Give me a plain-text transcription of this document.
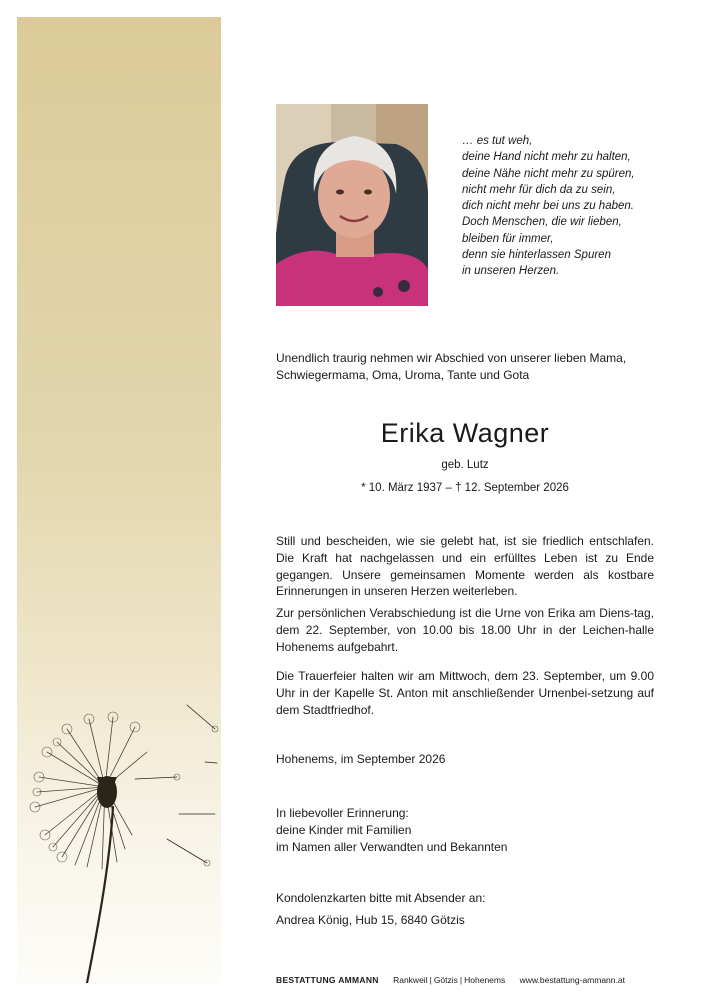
… es tut weh,
deine Hand nicht mehr zu halten,
deine Nähe nicht mehr zu spüren,
nicht mehr für dich da zu sein,
dich nicht mehr bei uns zu haben.
Doch Menschen, die wir lieben,
bleiben für immer,
denn sie hinterlassen Spuren
in unseren Herzen.
Unendlich traurig nehmen wir Abschied von unserer lieben Mama,
Schwiegermama, Oma, Uroma, Tante und Gota
Erika Wagner
geb. Lutz
* 10. März 1937 – † 12. September 2026
Still und bescheiden, wie sie gelebt hat, ist sie friedlich entschlafen. Die Kraft hat nachgelassen und ein erfülltes Leben ist zu Ende gegangen. Unsere gemeinsamen Momente werden als kostbare Erinnerungen in unseren Herzen weiterleben.
Zur persönlichen Verabschiedung ist die Urne von Erika am Diens-tag, dem 22. September, von 10.00 bis 18.00 Uhr in der Leichen-halle Hohenems aufgebahrt.
Die Trauerfeier halten wir am Mittwoch, dem 23. September, um 9.00 Uhr in der Kapelle St. Anton mit anschließender Urnenbei-setzung auf dem Stadtfriedhof.
Hohenems, im September 2026
In liebevoller Erinnerung:
deine Kinder mit Familien
im Namen aller Verwandten und Bekannten
Kondolenzkarten bitte mit Absender an:
Andrea König, Hub 15, 6840 Götzis
BESTATTUNG AMMANN Rankweil | Götzis | Hohenems www.bestattung-ammann.at
